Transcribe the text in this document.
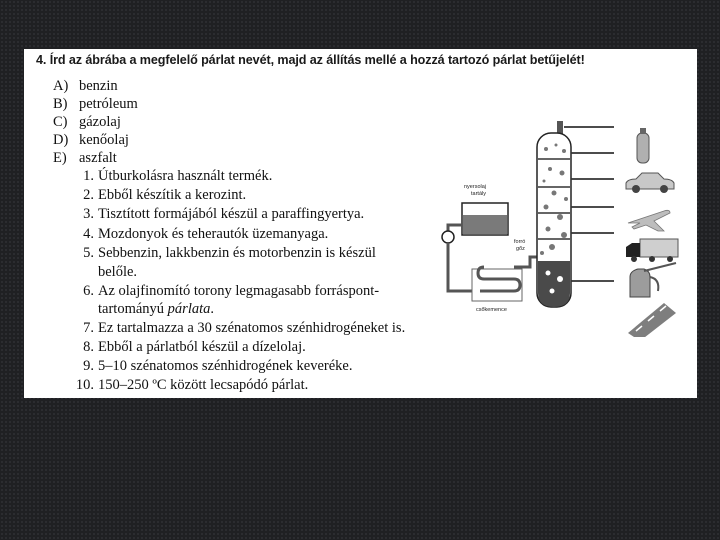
4. Írd az ábrába a megfelelő párlat nevét, majd az állítás mellé a hozzá tartozó párlat betűjelét!
A) benzin
B) petróleum
C) gázolaj
D) kenőolaj
E) aszfalt
1. Útburkolásra használt termék.
2. Ebből készítik a kerozint.
3. Tisztított formájából készül a paraffingyertya.
4. Mozdonyok és teherautók üzemanyaga.
5. Sebbenzin, lakkbenzin és motorbenzin is készül
belőle.
6. Az olajfinomító torony legmagasabb forráspont-
tartományú párlata.
7. Ez tartalmazza a 30 szénatomos szénhidrogéneket is.
8. Ebből a párlatból készül a dízelolaj.
9. 5–10 szénatomos szénhidrogének keveréke.
10. 150–250 ºC között lecsapódó párlat.
nyersolaj
tartály
csőkemence
forró
gőz
